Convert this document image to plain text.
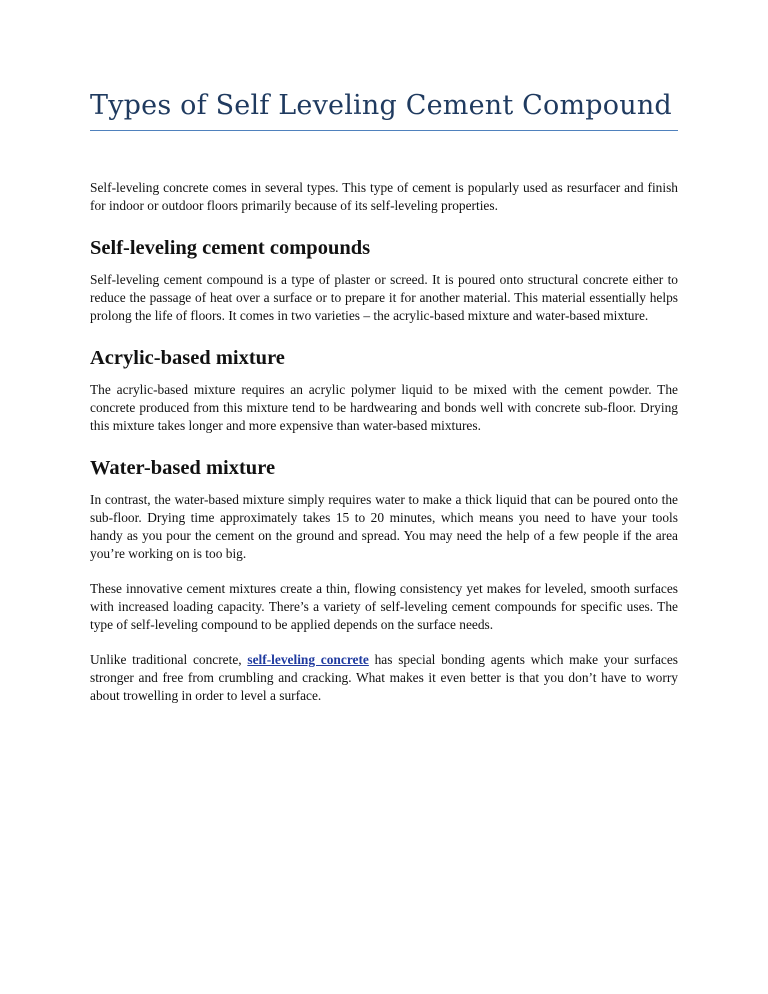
Types of Self Leveling Cement Compound

Self-leveling concrete comes in several types. This type of cement is popularly used as resurfacer and finish for indoor or outdoor floors primarily because of its self-leveling properties.

Self-leveling cement compounds

Self-leveling cement compound is a type of plaster or screed. It is poured onto structural concrete either to reduce the passage of heat over a surface or to prepare it for another material. This material essentially helps prolong the life of floors. It comes in two varieties – the acrylic-based mixture and water-based mixture.

Acrylic-based mixture

The acrylic-based mixture requires an acrylic polymer liquid to be mixed with the cement powder. The concrete produced from this mixture tend to be hardwearing and bonds well with concrete sub-floor. Drying this mixture takes longer and more expensive than water-based mixtures.

Water-based mixture

In contrast, the water-based mixture simply requires water to make a thick liquid that can be poured onto the sub-floor. Drying time approximately takes 15 to 20 minutes, which means you need to have your tools handy as you pour the cement on the ground and spread. You may need the help of a few people if the area you’re working on is too big.

These innovative cement mixtures create a thin, flowing consistency yet makes for leveled, smooth surfaces with increased loading capacity. There’s a variety of self-leveling cement compounds for specific uses. The type of self-leveling compound to be applied depends on the surface needs.

Unlike traditional concrete, self-leveling concrete has special bonding agents which make your surfaces stronger and free from crumbling and cracking. What makes it even better is that you don’t have to worry about trowelling in order to level a surface.
